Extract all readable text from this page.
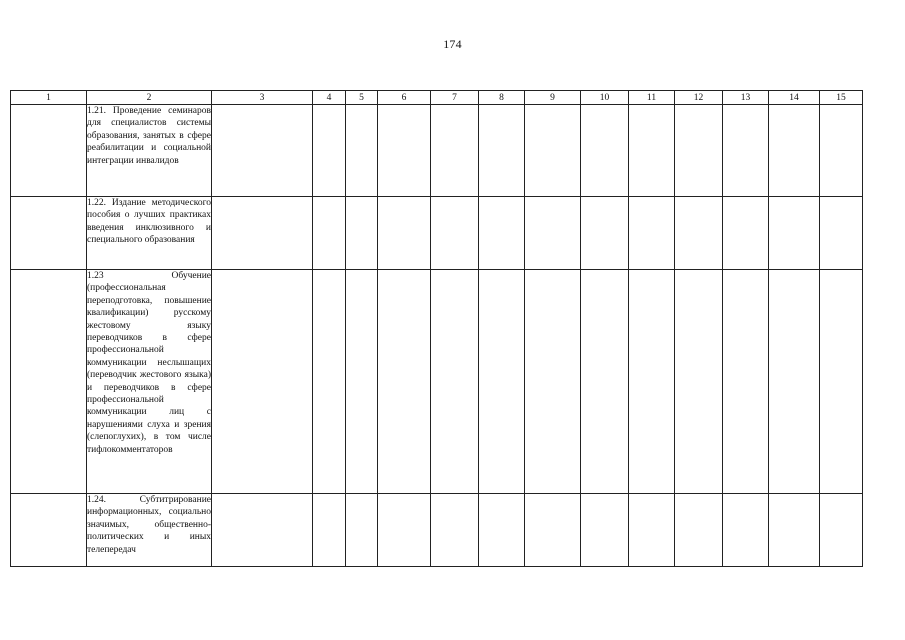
174
1	2	3	4	5	6	7	8	9	10	11	12	13	14	15
	1.21. Проведение семинаров для специалистов системы образования, занятых в сфере реабилитации и социальной интеграции инвалидов													
	1.22. Издание методического пособия о лучших практиках введения инклюзивного и специального образования													
	1.23 Обучение (профессиональная переподготовка, повышение квалификации) русскому жестовому языку переводчиков в сфере профессиональной коммуникации неслышащих (переводчик жестового языка) и переводчиков в сфере профессиональной коммуникации лиц с нарушениями слуха и зрения (слепоглухих), в том числе тифлокомментаторов													
	1.24. Субтитрирование информационных, социально значимых, общественно-политических и иных телепередач													
